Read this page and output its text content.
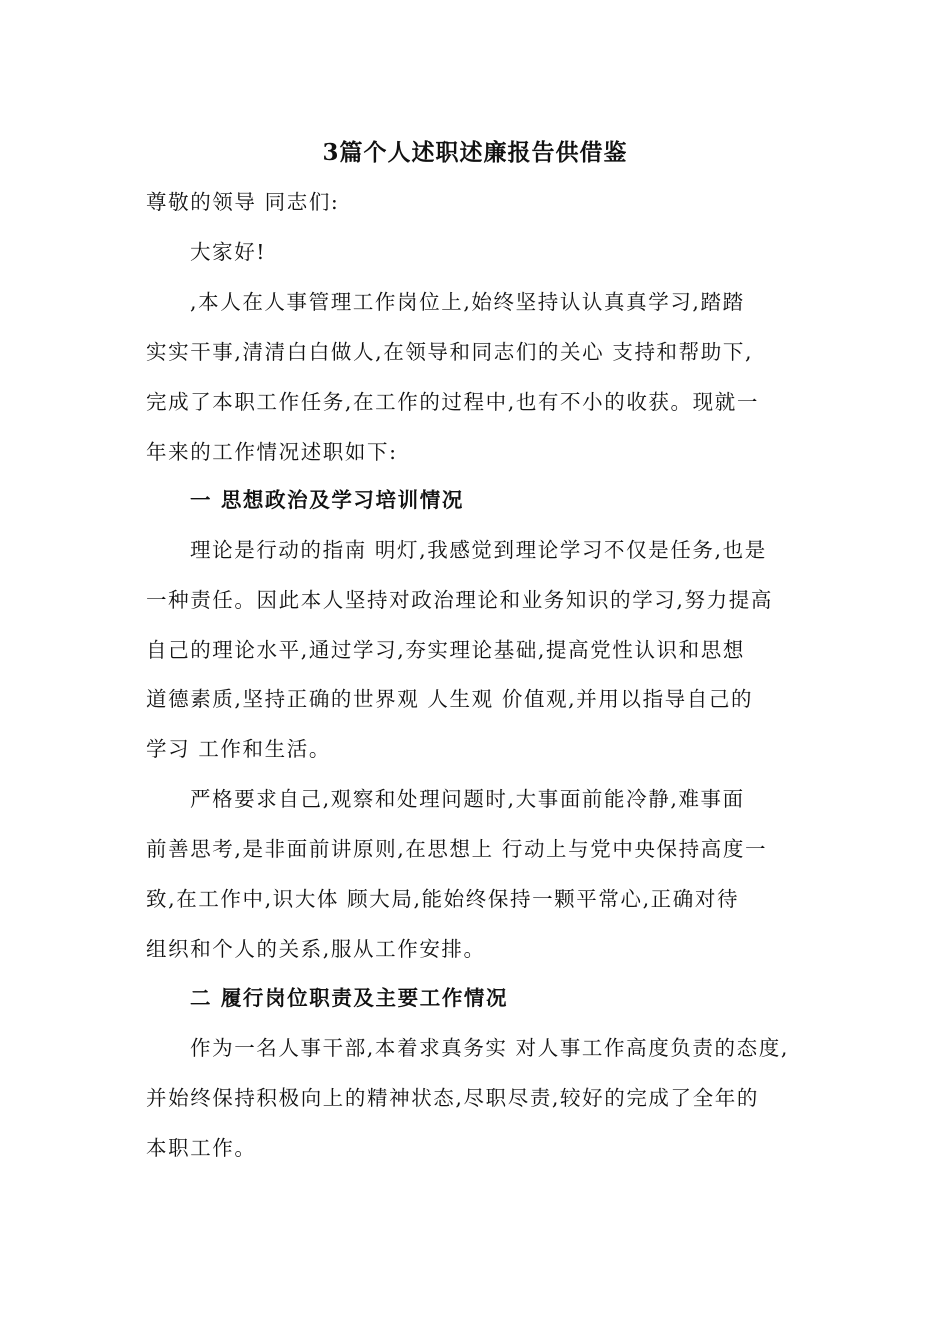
3篇个人述职述廉报告供借鉴
尊敬的领导 同志们:
大家好!
,本人在人事管理工作岗位上,始终坚持认认真真学习,踏踏
实实干事,清清白白做人,在领导和同志们的关心 支持和帮助下,
完成了本职工作任务,在工作的过程中,也有不小的收获。现就一
年来的工作情况述职如下:
一 思想政治及学习培训情况
理论是行动的指南 明灯,我感觉到理论学习不仅是任务,也是
一种责任。因此本人坚持对政治理论和业务知识的学习,努力提高
自己的理论水平,通过学习,夯实理论基础,提高党性认识和思想
道德素质,坚持正确的世界观 人生观 价值观,并用以指导自己的
学习 工作和生活。
严格要求自己,观察和处理问题时,大事面前能冷静,难事面
前善思考,是非面前讲原则,在思想上 行动上与党中央保持高度一
致,在工作中,识大体 顾大局,能始终保持一颗平常心,正确对待
组织和个人的关系,服从工作安排。
二 履行岗位职责及主要工作情况
作为一名人事干部,本着求真务实 对人事工作高度负责的态度,
并始终保持积极向上的精神状态,尽职尽责,较好的完成了全年的
本职工作。
